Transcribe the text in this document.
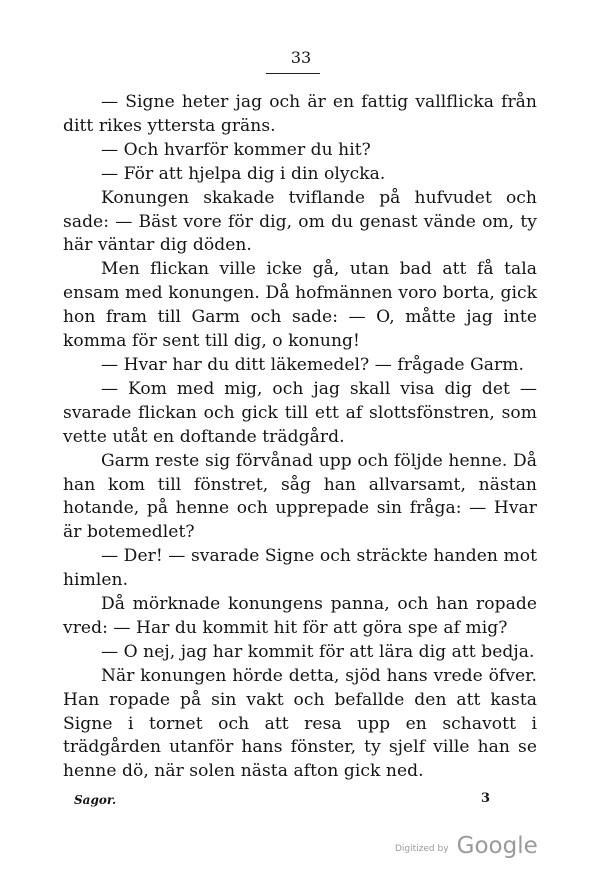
33

— Signe heter jag och är en fattig vallflicka från ditt rikes yttersta gräns.

— Och hvarför kommer du hit?

— För att hjelpa dig i din olycka.

Konungen skakade tviflande på hufvudet och sade: — Bäst vore för dig, om du genast vände om, ty här väntar dig döden.

Men flickan ville icke gå, utan bad att få tala ensam med konungen. Då hofmännen voro borta, gick hon fram till Garm och sade: — O, måtte jag inte komma för sent till dig, o konung!

— Hvar har du ditt läkemedel? — frågade Garm.

— Kom med mig, och jag skall visa dig det — svarade flickan och gick till ett af slottsfönstren, som vette utåt en doftande trädgård.

Garm reste sig förvånad upp och följde henne. Då han kom till fönstret, såg han allvarsamt, nästan hotande, på henne och upprepade sin fråga: — Hvar är botemedlet?

— Der! — svarade Signe och sträckte handen mot himlen.

Då mörknade konungens panna, och han ropade vred: — Har du kommit hit för att göra spe af mig?

— O nej, jag har kommit för att lära dig att bedja.

När konungen hörde detta, sjöd hans vrede öfver. Han ropade på sin vakt och befallde den att kasta Signe i tornet och att resa upp en schavott i trädgården utanför hans fönster, ty sjelf ville han se henne dö, när solen nästa afton gick ned.

Sagor.	3
Digitized by Google
